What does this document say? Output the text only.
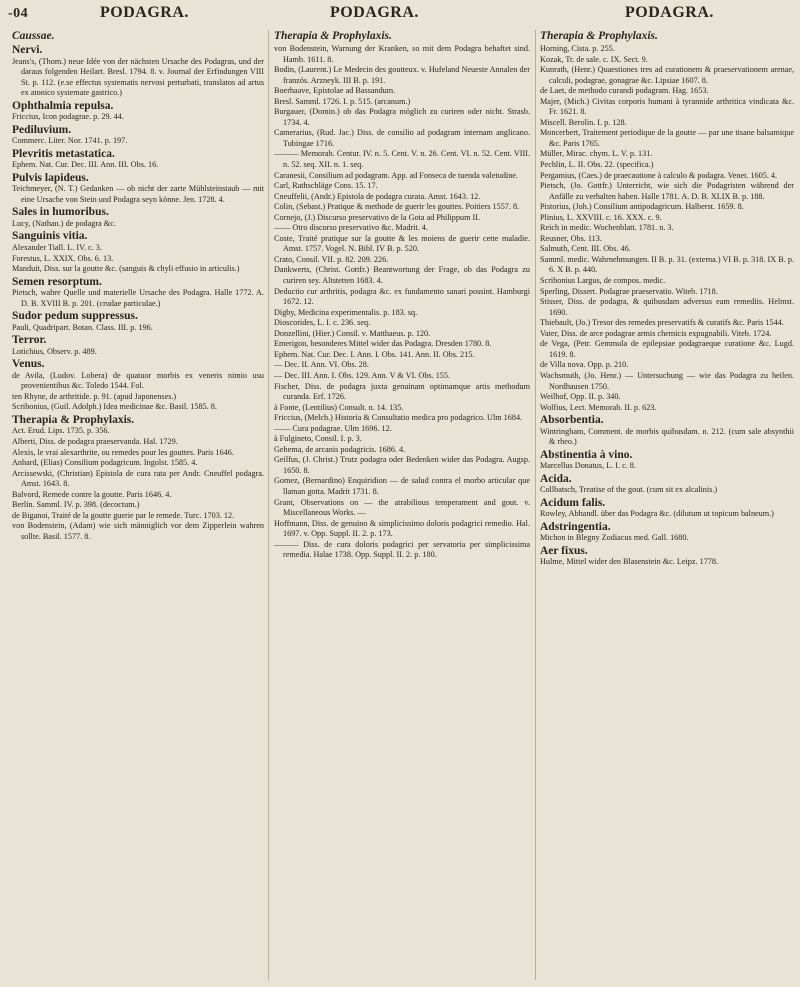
-04	PODAGRA.	PODAGRA.	PODAGRA.
Caussae.
Nervi.

Jeans's, (Thom.) neue Idée von der nächsten Ursache des Podagras, und der daraus folgenden Heilart. Bresl. 1794. 8. v. Journal der Erfindungen VIII St. p. 112. (e.se effectus systematis nervosi perturbati, translatos ad artus ex atonico systemate gastrico.)

Ophthalmia repulsa.

Friccius, Icon podagrae. p. 29. 44.

Pediluvium.

Commerc. Liter. Nor. 1741. p. 197.

Plevritis metastatica.

Ephem. Nat. Cur. Dec. III. Ann. III. Obs. 16.

Pulvis lapideus.

Teichmeyer, (N. T.) Gedanken — ob nicht der zarte Mühlsteinstaub — mit eine Ursache von Stein und Podagra seyn könne. Jen. 1728. 4.

Sales in humoribus.

Lucy, (Nathan.) de podagra &c.

Sanguinis vitia.

Alexander Tiall. L. IV. c. 3.

Forestus, L. XXIX. Obs. 6. 13.

Manduit, Diss. sur la goutte &c. (sanguis & chyli effusio in articulis.)

Semen resorptum.

Pietsch, wahre Quelle und materielle Ursache des Podagra. Halle 1772. A. D. B. XVIII B. p. 201. (crudae particulae.)

Sudor pedum suppressus.

Pauli, Quadripart. Botan. Class. III. p. 196.

Terror.

Lotichius, Observ. p. 489.

Venus.

de Avila, (Ludov. Lobera) de quatuor morbis ex veneris nimio usu provenientibus &c. Toledo 1544. Fol.

ten Rhyne, de arthritide. p. 91. (apud Japonenses.)

Scribonius, (Guil. Adolph.) Idea medicinae &c. Basil. 1585. 8.

Therapia & Prophylaxis.

Act. Erud. Lips. 1735. p. 356.

Alberti, Diss. de podagra praeservanda. Hal. 1729.

Alexis, le vrai alexarthrite, ou remedes pour les gouttes. Paris 1646.

Anhard, (Elias) Consilium podagricum. Ingolst. 1585. 4.

Arcissewski, (Christian) Epistola de cura rata per Andr. Cneuffel podagra. Amst. 1643. 8.

Balvord, Remede contre la goutte. Paris 1646. 4.

Berlin. Samml. IV. p. 398. (decoctum.)

de Biganoi, Traité de la goutte guerie par le remede. Turc. 1703. 12.

von Bodenstein, (Adam) wie sich männiglich vor dem Zipperlein wahren sollte. Basil. 1577. 8.

Therapia & Prophylaxis.

von Bodenstein, Warnung der Kranken, so mit dem Podagra behaftet sind. Hamb. 1611. 8.

Bodin, (Laurent.) Le Medecin des goutteux. v. Hufeland Neueste Annalen der französ. Arzneyk. III B. p. 191.

Boerhaave, Epistolae ad Bassandum.

Bresl. Samml. 1726. I. p. 515. (arcanum.)

Burgauer, (Domin.) ob das Podagra möglich zu curiren oder nicht. Strasb. 1734. 4.

Camerarius, (Rud. Jac.) Diss. de consilio ad podagram internam anglicano. Tubingae 1716.

——— Memorab. Centur. IV. n. 5. Cent. V. n. 26. Cent. VI. n. 52. Cent. VIII. n. 52. seq. XII. n. 1. seq.

Caranesii, Consilium ad podagram. App. ad Fonseca de tuenda valetudine.

Carl, Rathschläge Cons. 15. 17.

Cneuffelii, (Andr.) Epistola de podagra curata. Amst. 1643. 12.

Colin, (Sebast.) Pratique & methode de guerir les gouttes. Poitiers 1557. 8.

Cornejo, (J.) Discurso preservativo de la Gota ad Philippum II.

—— Otro discorso preservativo &c. Madrit. 4.

Coste, Traité pratique sur la goutte & les moiens de guerir cette maladie. Amst. 1757. Vogel. N. Bibl. IV B. p. 520.

Crato, Consil. VII. p. 82. 209. 226.

Dankwerts, (Christ. Gottfr.) Beantwortung der Frage, ob das Podagra zu curiren sey. Altstetten 1683. 4.

Deductio cur arthritis, podagra &c. ex fundamento sanari possint. Hamburgi 1672. 12.

Digby, Medicina experimentalis. p. 183. sq.

Dioscorides, L. I. c. 236. seq.

Donzellini, (Hier.) Consil. v. Matthaeus. p. 120.

Emerigon, besonderes Mittel wider das Podagra. Dresden 1780. 8.

Ephem. Nat. Cur. Dec. I. Ann. I. Obs. 141. Ann. II. Obs. 215.

— Dec. II. Ann. VI. Obs. 28.

— Dec. III. Ann. I. Obs. 129. Ann. V & VI. Obs. 155.

Fischer, Diss. de podagra juxta genuinam optimamque artis methodum curanda. Erf. 1726.

à Fonte, (Lentilius) Consult. n. 14. 135.

Friccius, (Melch.) Historia & Consultatio medica pro podagrico. Ulm 1684.

—— Cura podagrae. Ulm 1696. 12.

à Fulgineto, Consil. I. p. 3.

Gehema, de arcanis podagricis. 1686. 4.

Geilfus, (J. Christ.) Trutz podagra oder Bedenken wider das Podagra. Augsp. 1650. 8.

Gomez, (Bernardino) Enquiridion — de salud contra el morbo articular que llaman gotta. Madrit 1731. 8.

Grant, Observations on — the atrabilious temperament and gout. v. Miscellaneous Works. —

Hoffmann, Diss. de genuino & simplicissimo doloris podagrici remedio. Hal. 1697. v. Opp. Suppl. II. 2. p. 173.

——— Diss. de cura doloris podagrici per servatoria per simplicissima remedia. Halae 1738. Opp. Suppl. II. 2. p. 180.

Therapia & Prophylaxis.

Horning, Cista. p. 255.

Kozak, Tr. de sale. c. IX. Sect. 9.

Kunrath, (Henr.) Quaestiones tres ad curationem & praeservationem arenae, calculi, podagrae, gonagrae &c. Lipsiae 1607. 8.

de Laet, de methodo curandi podagram. Hag. 1653.

Majer, (Mich.) Civitas corporis humani à tyrannide arthritica vindicata &c. Fr. 1621. 8.

Miscell. Berolin. I. p. 128.

Moncerbert, Traitement periodique de la goutte — par une tisane balsamique &c. Paris 1765.

Müller, Mirac. chym. L. V. p. 131.

Pechlin, L. II. Obs. 22. (specifica.)

Pergamius, (Caes.) de praecautione à calculo & podagra. Venet. 1605. 4.

Pietsch, (Jo. Gottfr.) Unterricht, wie sich die Podagristen während der Anfälle zu verhalten haben. Halle 1781. A. D. B. XLIX B. p. 188.

Pistorius, (Joh.) Consilium antipodagricum. Halberst. 1659. 8.

Plinius, L. XXVIII. c. 16. XXX. c. 9.

Reich in medic. Wochenblatt. 1781. n. 3.

Reusner, Obs. 113.

Salmuth, Cent. III. Obs. 46.

Samml. medic. Wahrnehmungen. II B. p. 31. (externa.) VI B. p. 318. IX B. p. 6. X B. p. 440.

Scribonius Largus, de compos. medic.

Sperling, Dissert. Podagrae praeservatio. Witeb. 1718.

Stisser, Diss. de podagra, & quibusdam adversus eam remediis. Helmst. 1690.

Thiebault, (Jo.) Tresor des remedes preservatifs & curatifs &c. Paris 1544.

Vater, Diss. de arce podagrae armis chemicis expugnabili. Viteb. 1724.

de Vega, (Petr. Gemmula de epilepsiae podagraeque curatione &c. Lugd. 1619. 8.

de Villa nova. Opp. p. 210.

Wachsmuth, (Jo. Henr.) — Untersuchung — wie das Podagra zu heilen. Nordhausen 1750.

Weilhof, Opp. II. p. 340.

Wolfius, Lect. Memorab. II. p. 623.

Absorbentia.

Wintringham, Comment. de morbis quibusdam. n. 212. (cum sale absynthii & rheo.)

Abstinentia à vino.

Marcellus Donatus, L. I. c. 8.

Acida.

Collbatsch, Treatise of the gout. (cum sit ex alcalinis.)

Acidum falis.

Rowley, Abhandl. über das Podagra &c. (dilutum ut topicum balneum.)

Adstringentia.

Michon in Blegny Zodiacus med. Gall. 1680.

Aer fixus.

Hulme, Mittel wider den Blasenstein &c. Leipz. 1778.
